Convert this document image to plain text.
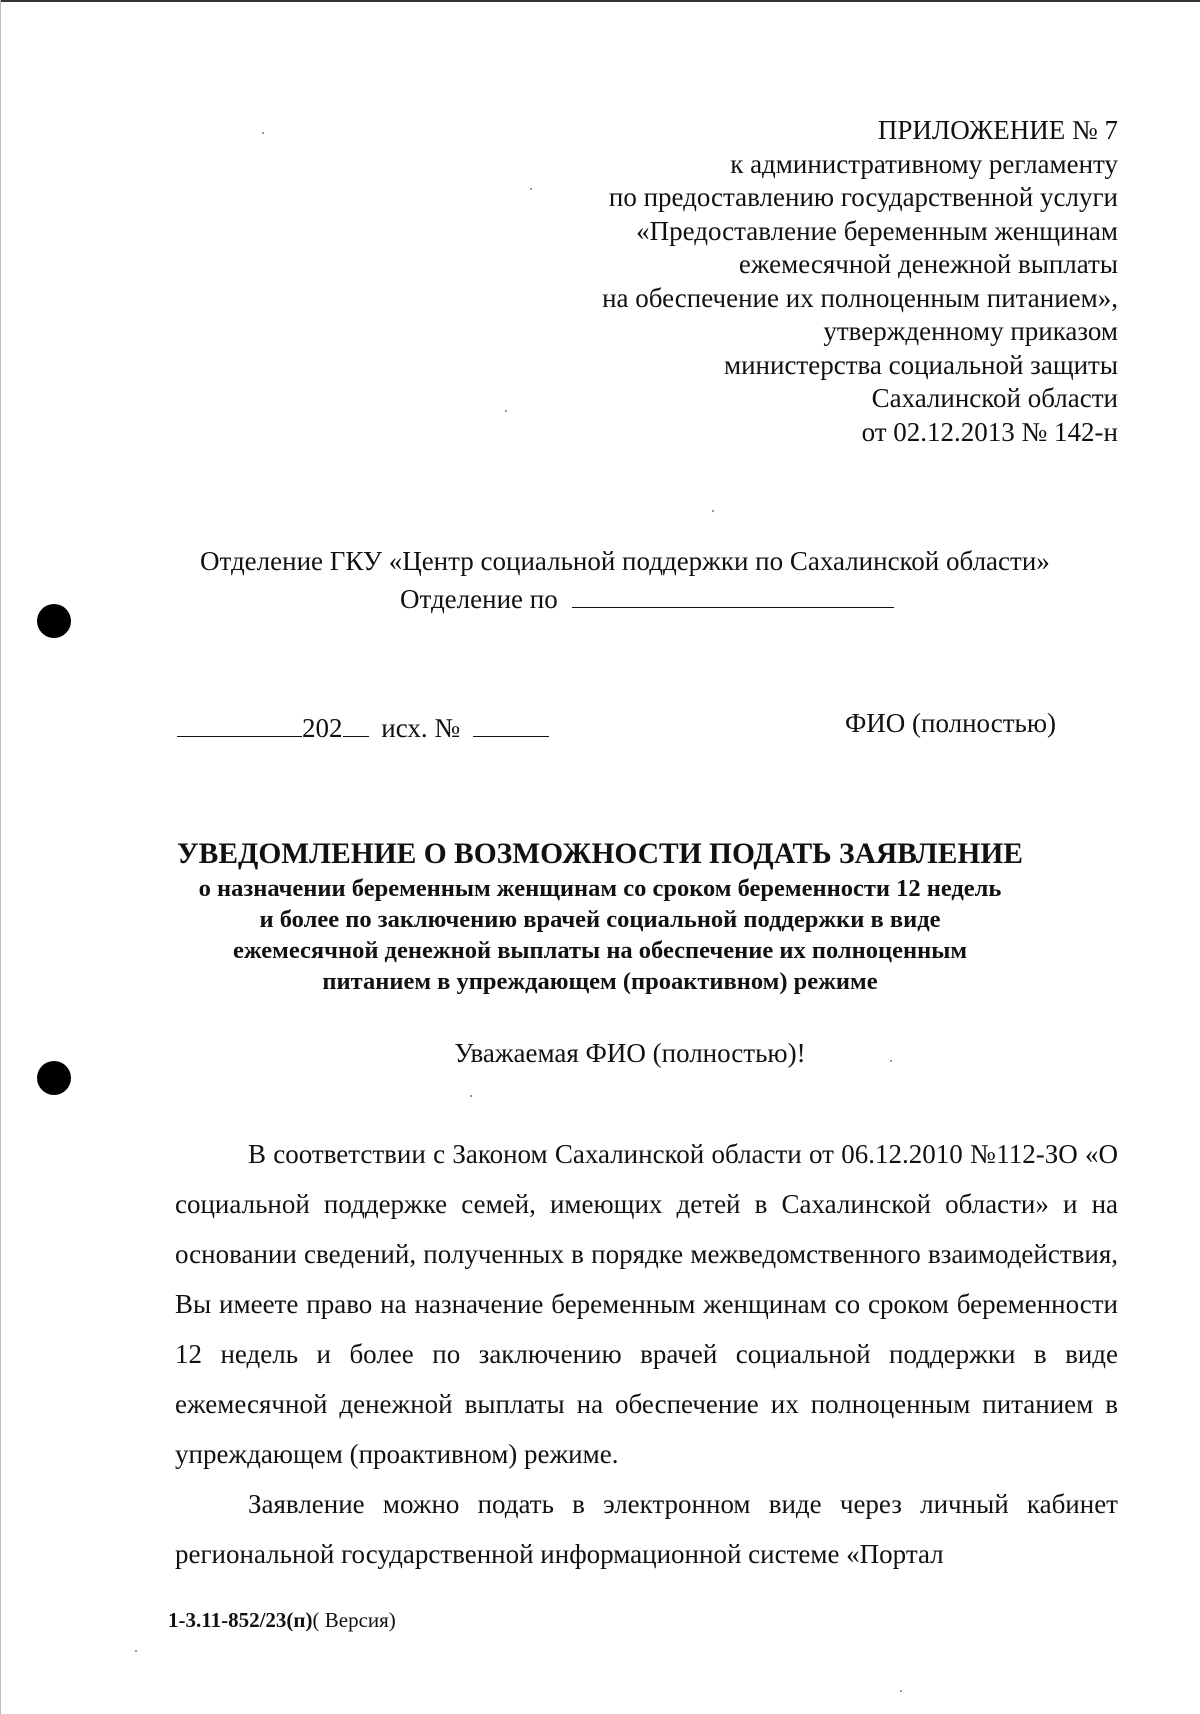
ПРИЛОЖЕНИЕ № 7
к административному регламенту
по предоставлению государственной услуги
«Предоставление беременным женщинам
ежемесячной денежной выплаты
на обеспечение их полноценным питанием»,
утвержденному приказом
министерства социальной защиты
Сахалинской области
от 02.12.2013 № 142-н
Отделение ГКУ «Центр социальной поддержки по Сахалинской области»
Отделение по
202 исх. №	ФИО (полностью)
УВЕДОМЛЕНИЕ О ВОЗМОЖНОСТИ ПОДАТЬ ЗАЯВЛЕНИЕ
о назначении беременным женщинам со сроком беременности 12 недель
и более по заключению врачей социальной поддержки в виде
ежемесячной денежной выплаты на обеспечение их полноценным
питанием в упреждающем (проактивном) режиме
Уважаемая ФИО (полностью)!

В соответствии с Законом Сахалинской области от 06.12.2010 №112-ЗО «О социальной поддержке семей, имеющих детей в Сахалинской области» и на основании сведений, полученных в порядке межведомственного взаимодействия, Вы имеете право на назначение беременным женщинам со сроком беременности 12 недель и более по заключению врачей социальной поддержки в виде ежемесячной денежной выплаты на обеспечение их полноценным питанием в упреждающем (проактивном) режиме.

Заявление можно подать в электронном виде через личный кабинет региональной государственной информационной системе «Портал

1-3.11-852/23(п)( Версия)
